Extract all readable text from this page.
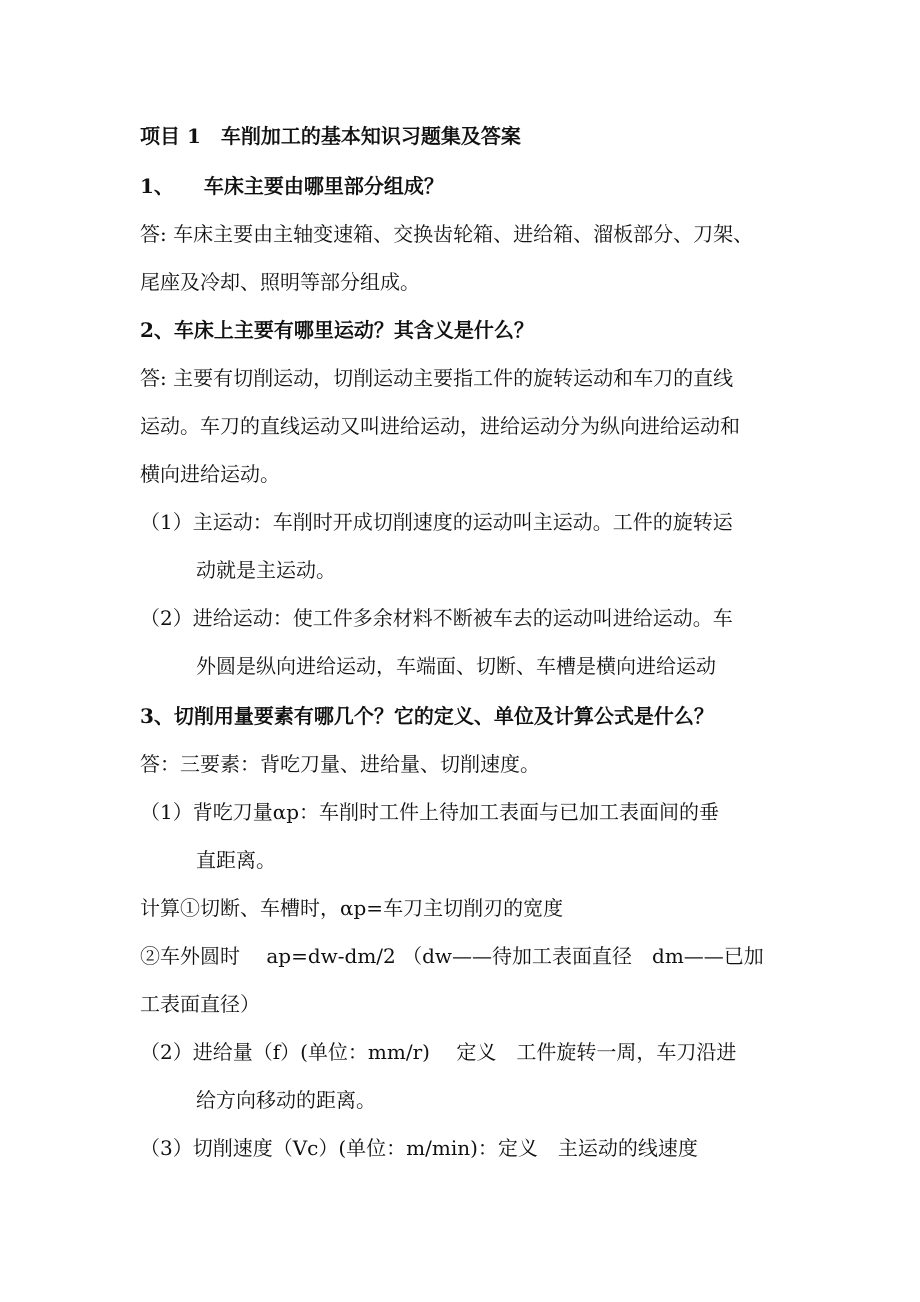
项目 1　车削加工的基本知识习题集及答案
1、　　车床主要由哪里部分组成？
答: 车床主要由主轴变速箱、交换齿轮箱、进给箱、溜板部分、刀架、
尾座及冷却、照明等部分组成。
2、车床上主要有哪里运动？其含义是什么？
答: 主要有切削运动，切削运动主要指工件的旋转运动和车刀的直线
运动。车刀的直线运动又叫进给运动，进给运动分为纵向进给运动和
横向进给运动。
（1）主运动：车削时开成切削速度的运动叫主运动。工件的旋转运
动就是主运动。
（2）进给运动：使工件多余材料不断被车去的运动叫进给运动。车
外圆是纵向进给运动，车端面、切断、车槽是横向进给运动
3、切削用量要素有哪几个？它的定义、单位及计算公式是什么？
答：三要素：背吃刀量、进给量、切削速度。
（1）背吃刀量αp：车削时工件上待加工表面与已加工表面间的垂
直距离。
计算①切断、车槽时，αp=车刀主切削刃的宽度
②车外圆时　 ap=dw-dm/2 （dw——待加工表面直径　dm——已加
工表面直径）
（2）进给量（f）(单位：mm/r)　 定义　工件旋转一周，车刀沿进
给方向移动的距离。
（3）切削速度（Vc）(单位：m/min)：定义　主运动的线速度
